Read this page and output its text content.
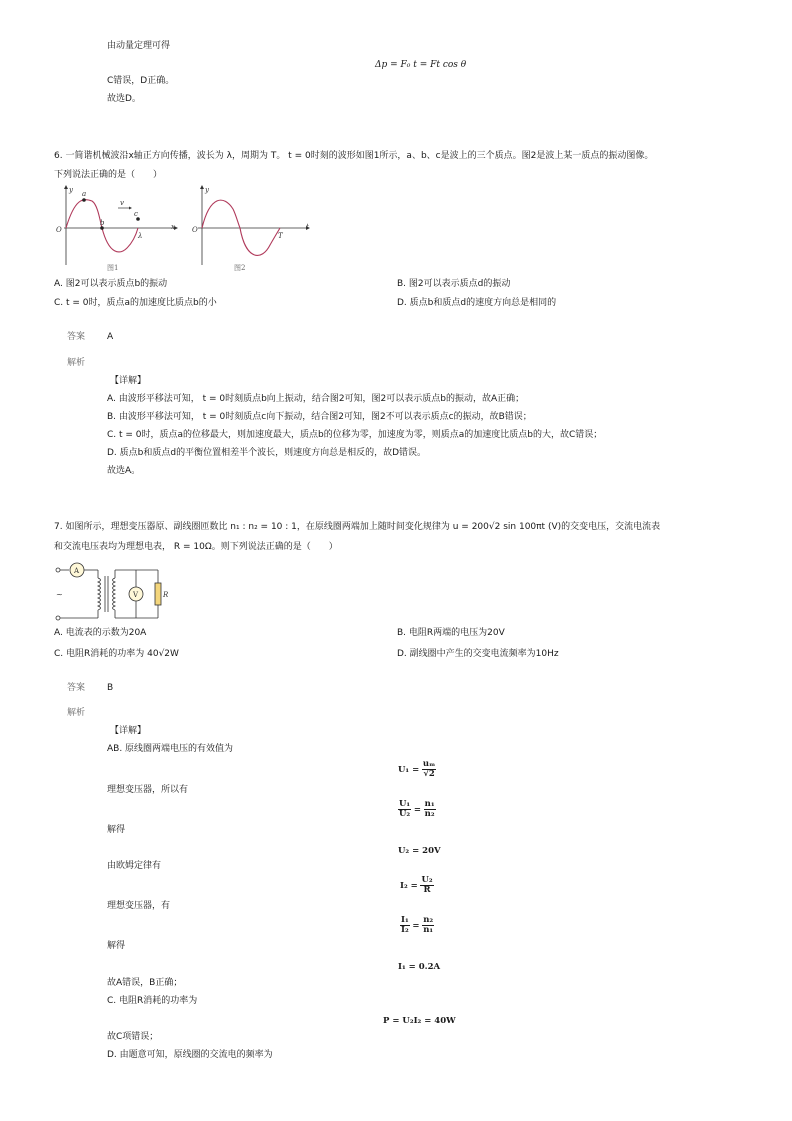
由动量定理可得
Δp = F₀ t = Ft cos θ
C错误，D正确。
故选D。
6. 一简谐机械波沿x轴正方向传播，波长为 λ，周期为 T。 t = 0时刻的波形如图1所示，a、b、c是波上的三个质点。图2是波上某一质点的振动图像。
下列说法正确的是（　　）
y
O	x
a
b
c
λ
v
图1
y
O	t
T
图2
A. 图2可以表示质点b的振动	B. 图2可以表示质点d的振动
C. t = 0时，质点a的加速度比质点b的小	D. 质点b和质点d的速度方向总是相同的
答案 A
解析
【详解】
A. 由波形平移法可知， t = 0时刻质点b向上振动，结合图2可知，图2可以表示质点b的振动，故A正确；
B. 由波形平移法可知， t = 0时刻质点c向下振动，结合图2可知，图2不可以表示质点c的振动，故B错误；
C. t = 0时，质点a的位移最大，则加速度最大，质点b的位移为零，加速度为零，则质点a的加速度比质点b的大，故C错误；
D. 质点b和质点d的平衡位置相差半个波长，则速度方向总是相反的，故D错误。
故选A。
7. 如图所示，理想变压器原、副线圈匝数比 n₁ : n₂ = 10 : 1，在原线圈两端加上随时间变化规律为 u = 200√2 sin 100πt (V)的交变电压，交流电流表
和交流电压表均为理想电表， R = 10Ω。则下列说法正确的是（　　）
~
A
V	R
A. 电流表的示数为20A	B. 电阻R两端的电压为20V
C. 电阻R消耗的功率为 40√2W	D. 副线圈中产生的交变电流频率为10Hz
答案 B
解析
【详解】
AB. 原线圈两端电压的有效值为
U₁ =
$\frac{\text{uₘ}}{√2}$
理想变压器，所以有
$\frac{\text{U₁}}{\text{U₂}}$
=
$\frac{\text{n₁}}{\text{n₂}}$
解得
U₂ = 20V
由欧姆定律有
I₂ =
$\frac{\text{U₂}}{R}$
理想变压器，有
$\frac{\text{I₁}}{\text{I₂}}$
=
$\frac{\text{n₂}}{\text{n₁}}$
解得
I₁ = 0.2A
故A错误，B正确；
C. 电阻R消耗的功率为
P = U₂I₂ = 40W
故C项错误；
D. 由题意可知，原线圈的交流电的频率为
